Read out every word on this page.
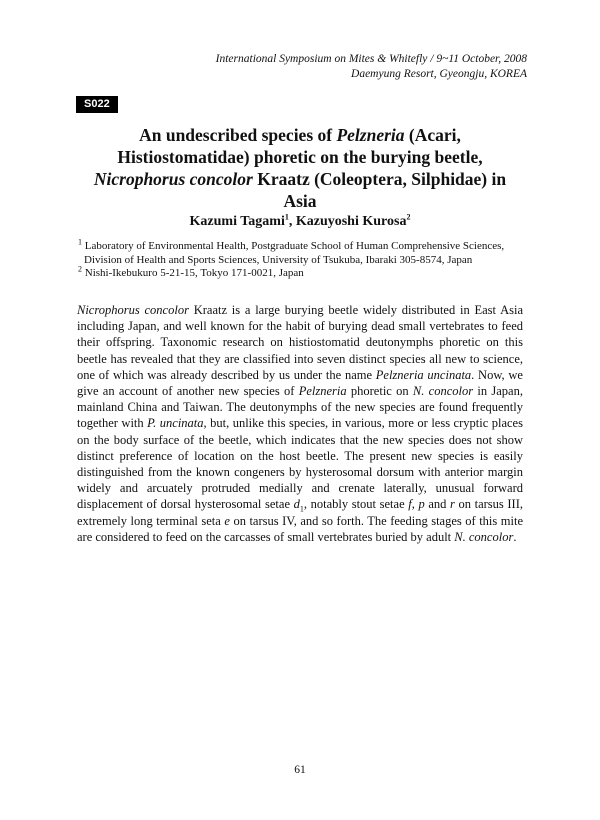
International Symposium on Mites & Whitefly / 9~11 October, 2008
Daemyung Resort, Gyeongju, KOREA
S022
An undescribed species of Pelzneria (Acari,
Histiostomatidae) phoretic on the burying beetle,
Nicrophorus concolor Kraatz (Coleoptera, Silphidae) in Asia
Kazumi Tagami$^1$, Kazuyoshi Kurosa$^2$
$^1$ Laboratory of Environmental Health, Postgraduate School of Human Comprehensive Sciences,
Division of Health and Sports Sciences, University of Tsukuba, Ibaraki 305-8574, Japan
$^2$ Nishi-Ikebukuro 5-21-15, Tokyo 171-0021, Japan

Nicrophorus concolor Kraatz is a large burying beetle widely distributed in East Asia including Japan, and well known for the habit of burying dead small vertebrates to feed their offspring. Taxonomic research on histiostomatid deutonymphs phoretic on this beetle has revealed that they are classified into seven distinct species all new to science, one of which was already described by us under the name Pelzneria uncinata. Now, we give an account of another new species of Pelzneria phoretic on N. concolor in Japan, mainland China and Taiwan. The deutonymphs of the new species are found frequently together with P. uncinata, but, unlike this species, in various, more or less cryptic places on the body surface of the beetle, which indicates that the new species does not show distinct preference of location on the host beetle. The present new species is easily distinguished from the known congeners by hysterosomal dorsum with anterior margin widely and arcuately protruded medially and crenate laterally, unusual forward displacement of dorsal hysterosomal setae $d_1$, notably stout setae f, p and r on tarsus III, extremely long terminal seta e on tarsus IV, and so forth. The feeding stages of this mite are considered to feed on the carcasses of small vertebrates buried by adult N. concolor.

61
